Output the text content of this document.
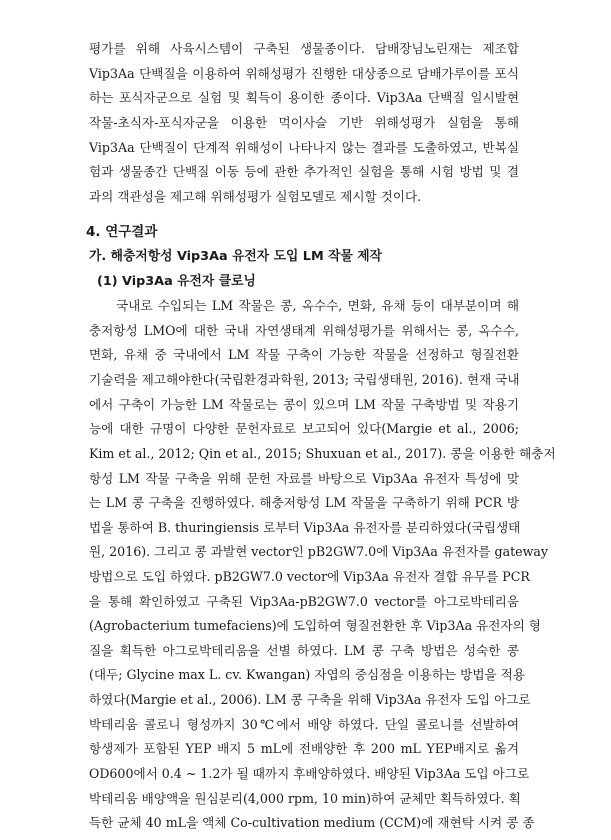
평가를 위해 사육시스템이 구축된 생물종이다. 담배장님노린재는 제조합
Vip3Aa 단백질을 이용하여 위해성평가 진행한 대상종으로 담배가루이를 포식
하는 포식자군으로 실험 및 획득이 용이한 종이다. Vip3Aa 단백질 일시발현
작물-초식자-포식자군을 이용한 먹이사슬 기반 위해성평가 실험을 통해
Vip3Aa 단백질이 단계적 위해성이 나타나지 않는 결과를 도출하였고, 반복실
험과 생물종간 단백질 이동 등에 관한 추가적인 실험을 통해 시험 방법 및 결
과의 객관성을 제고해 위해성평가 실험모델로 제시할 것이다.
4. 연구결과
가. 해충저항성 Vip3Aa 유전자 도입 LM 작물 제작
(1) Vip3Aa 유전자 클로닝
국내로 수입되는 LM 작물은 콩, 옥수수, 면화, 유채 등이 대부분이며 해
충저항성 LMO에 대한 국내 자연생태계 위해성평가를 위해서는 콩, 옥수수,
면화, 유채 중 국내에서 LM 작물 구축이 가능한 작물을 선정하고 형질전환
기술력을 제고해야한다(국립환경과학원, 2013; 국립생태원, 2016). 현재 국내
에서 구축이 가능한 LM 작물로는 콩이 있으며 LM 작물 구축방법 및 작용기
능에 대한 규명이 다양한 문헌자료로 보고되어 있다(Margie et al., 2006;
Kim et al., 2012; Qin et al., 2015; Shuxuan et al., 2017). 콩을 이용한 해충저
항성 LM 작물 구축을 위해 문헌 자료를 바탕으로 Vip3Aa 유전자 특성에 맞
는 LM 콩 구축을 진행하였다. 해충저항성 LM 작물을 구축하기 위해 PCR 방
법을 통하여 B. thuringiensis 로부터 Vip3Aa 유전자를 분리하였다(국립생태
원, 2016). 그리고 콩 과발현 vector인 pB2GW7.0에 Vip3Aa 유전자를 gateway
방법으로 도입 하였다. pB2GW7.0 vector에 Vip3Aa 유전자 결합 유무를 PCR
을 통해 확인하였고 구축된 Vip3Aa-pB2GW7.0 vector를 아그로박테리움
(Agrobacterium tumefaciens)에 도입하여 형질전환한 후 Vip3Aa 유전자의 형
질을 획득한 아그로박테리움을 선별 하였다. LM 콩 구축 방법은 성숙한 콩
(대두; Glycine max L. cv. Kwangan) 자엽의 중심점을 이용하는 방법을 적용
하였다(Margie et al., 2006). LM 콩 구축을 위해 Vip3Aa 유전자 도입 아그로
박테리움 콜로니 형성까지 30℃에서 배양 하였다. 단일 콜로니를 선발하여
항생제가 포함된 YEP 배지 5 mL에 전배양한 후 200 mL YEP배지로 옮겨
OD600에서 0.4 ~ 1.2가 될 때까지 후배양하였다. 배양된 Vip3Aa 도입 아그로
박테리움 배양액을 원심분리(4,000 rpm, 10 min)하여 균체만 획득하였다. 획
득한 균체 40 mL을 액체 Co-cultivation medium (CCM)에 재현탁 시켜 콩 종
